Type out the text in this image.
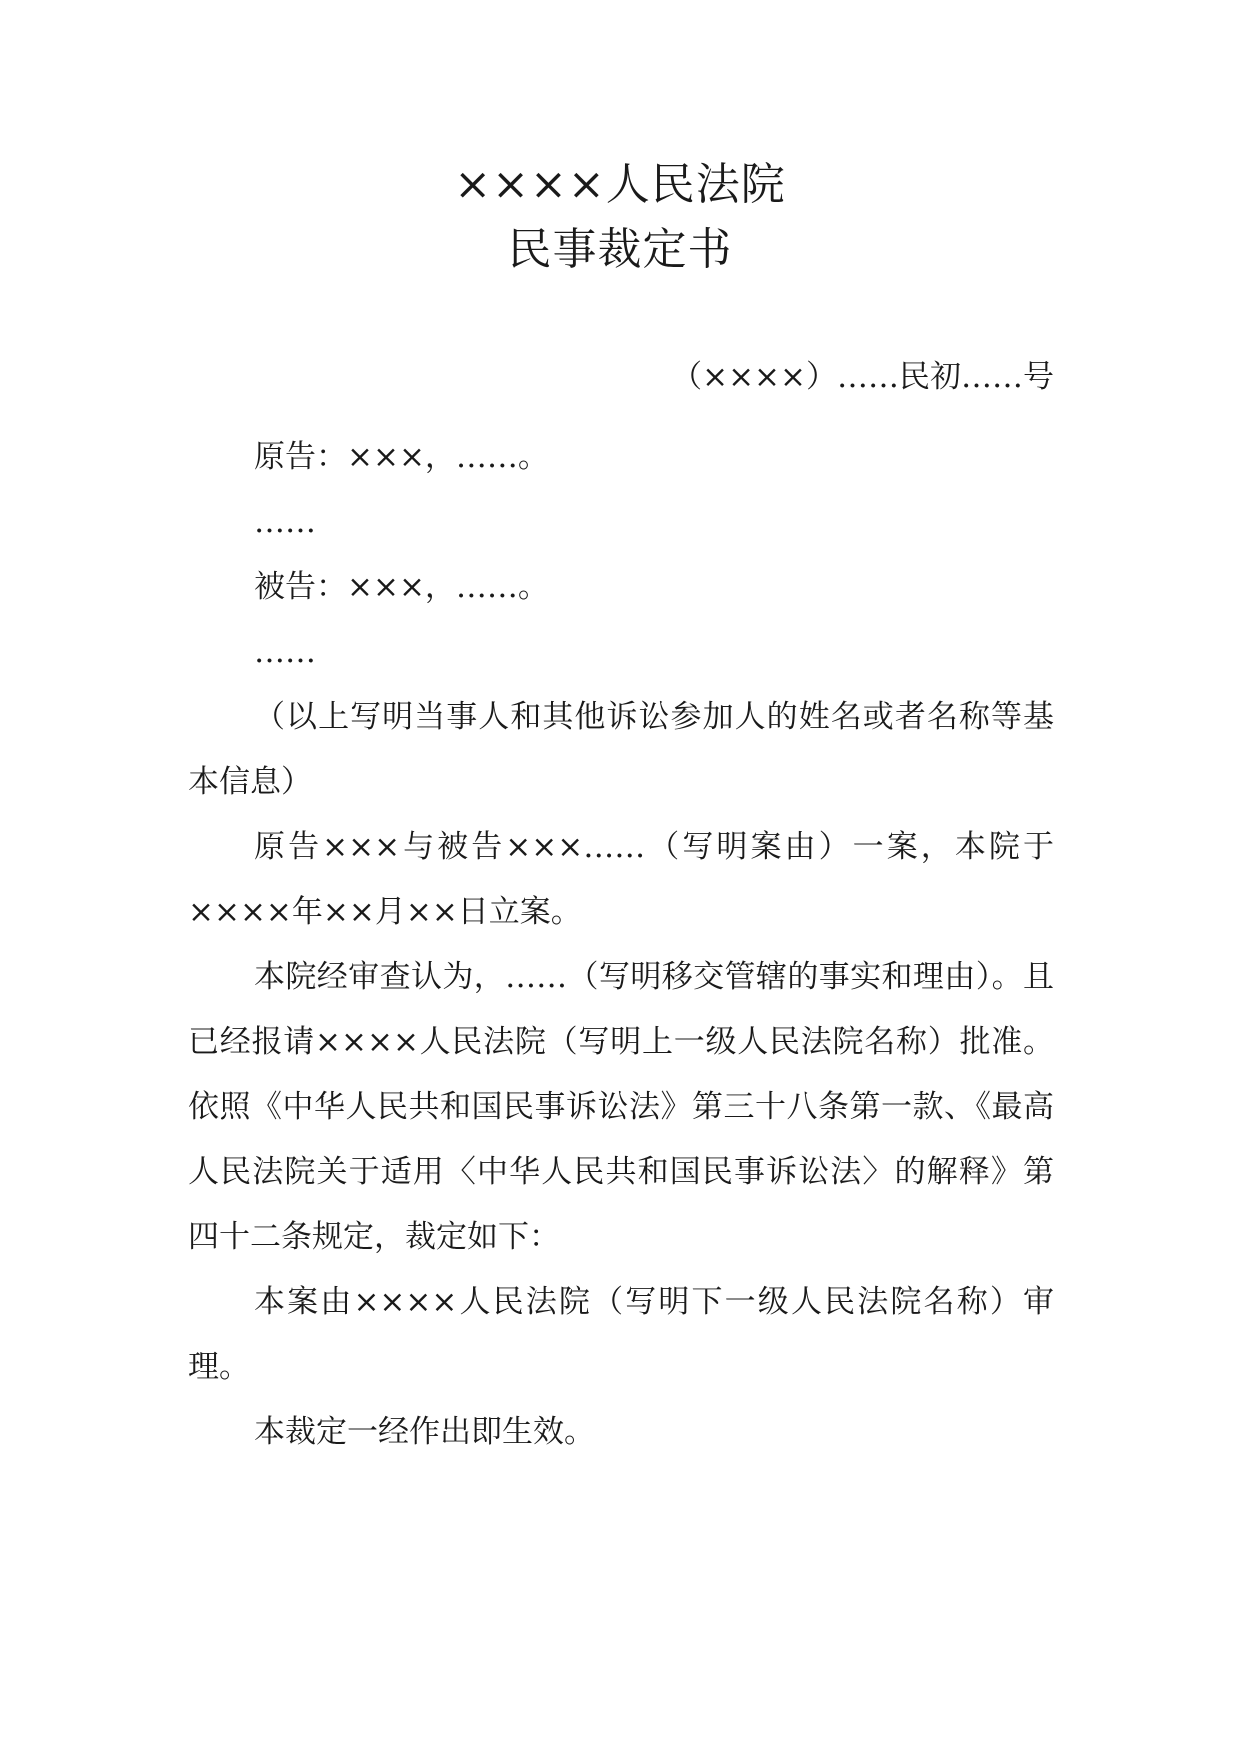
××××人民法院
民事裁定书
（××××）……民初……号

原告：×××，……。

……

被告：×××，……。

……

（以上写明当事人和其他诉讼参加人的姓名或者名称等基本信息）

原告×××与被告×××……（写明案由）一案，本院于××××年××月××日立案。

本院经审查认为，……（写明移交管辖的事实和理由）。且已经报请××××人民法院（写明上一级人民法院名称）批准。依照《中华人民共和国民事诉讼法》第三十八条第一款、《最高人民法院关于适用〈中华人民共和国民事诉讼法〉的解释》第四十二条规定，裁定如下：

本案由××××人民法院（写明下一级人民法院名称）审理。

本裁定一经作出即生效。
